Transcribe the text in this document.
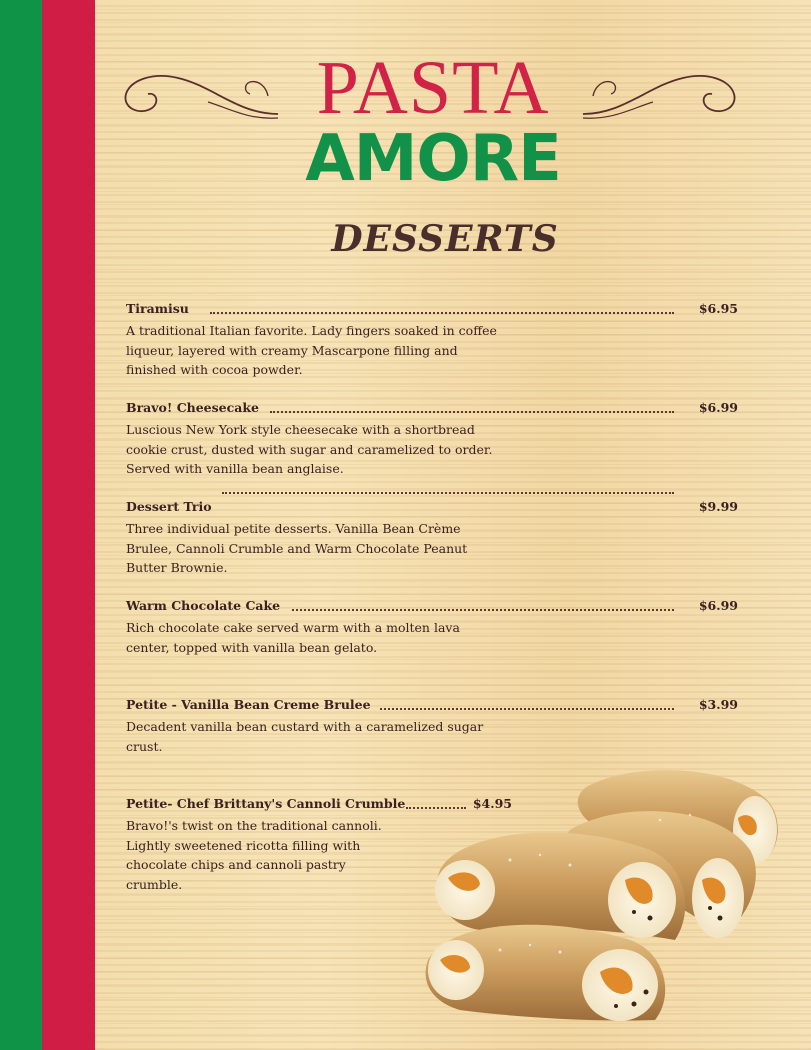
PASTA
AMORE
DESSERTS
Tiramisu	$6.95

A traditional Italian favorite. Lady fingers soaked in coffee liqueur, layered with creamy Mascarpone filling and finished with cocoa powder.

Bravo! Cheesecake	$6.99

Luscious New York style cheesecake with a shortbread cookie crust, dusted with sugar and caramelized to order. Served with vanilla bean anglaise.

Dessert Trio	$9.99

Three individual petite desserts. Vanilla Bean Crème Brulee, Cannoli Crumble and Warm Chocolate Peanut Butter Brownie.

Warm Chocolate Cake	$6.99

Rich chocolate cake served warm with a molten lava center, topped with vanilla bean gelato.

Petite - Vanilla Bean Creme Brulee	$3.99

Decadent vanilla bean custard with a caramelized sugar crust.

Petite- Chef Brittany's Cannoli Crumble	$4.95

Bravo!'s twist on the traditional cannoli. Lightly sweetened ricotta filling with chocolate chips and cannoli pastry crumble.
